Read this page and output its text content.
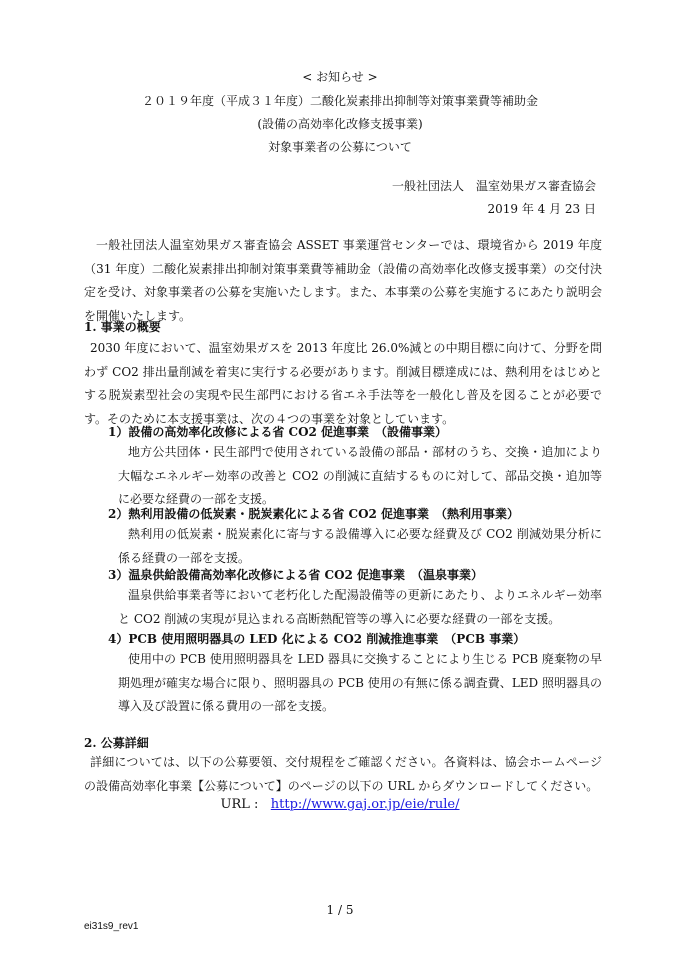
< お知らせ >
２０１９年度（平成３１年度）二酸化炭素排出抑制等対策事業費等補助金
(設備の高効率化改修支援事業)
対象事業者の公募について
一般社団法人　温室効果ガス審査協会
2019 年 4 月 23 日

一般社団法人温室効果ガス審査協会 ASSET 事業運営センターでは、環境省から 2019 年度（31 年度）二酸化炭素排出抑制対策事業費等補助金（設備の高効率化改修支援事業）の交付決定を受け、対象事業者の公募を実施いたします。また、本事業の公募を実施するにあたり説明会を開催いたします。

1. 事業の概要

2030 年度において、温室効果ガスを 2013 年度比 26.0%減との中期目標に向けて、分野を問わず CO2 排出量削減を着実に実行する必要があります。削減目標達成には、熱利用をはじめとする脱炭素型社会の実現や民生部門における省エネ手法等を一般化し普及を図ることが必要です。そのために本支援事業は、次の４つの事業を対象としています。

1）設備の高効率化改修による省 CO2 促進事業　（設備事業）

地方公共団体・民生部門で使用されている設備の部品・部材のうち、交換・追加により大幅なエネルギー効率の改善と CO2 の削減に直結するものに対して、部品交換・追加等に必要な経費の一部を支援。

2）熱利用設備の低炭素・脱炭素化による省 CO2 促進事業　（熱利用事業）

熱利用の低炭素・脱炭素化に寄与する設備導入に必要な経費及び CO2 削減効果分析に係る経費の一部を支援。

3）温泉供給設備高効率化改修による省 CO2 促進事業　（温泉事業）

温泉供給事業者等において老朽化した配湯設備等の更新にあたり、よりエネルギー効率と CO2 削減の実現が見込まれる高断熱配管等の導入に必要な経費の一部を支援。

4）PCB 使用照明器具の LED 化による CO2 削減推進事業　（PCB 事業）

使用中の PCB 使用照明器具を LED 器具に交換することにより生じる PCB 廃棄物の早期処理が確実な場合に限り、照明器具の PCB 使用の有無に係る調査費、LED 照明器具の導入及び設置に係る費用の一部を支援。

2. 公募詳細

詳細については、以下の公募要領、交付規程をご確認ください。各資料は、協会ホームページの設備高効率化事業【公募について】のページの以下の URL からダウンロードしてください。

URL : http://www.gaj.or.jp/eie/rule/
1 / 5
ei31s9_rev1
